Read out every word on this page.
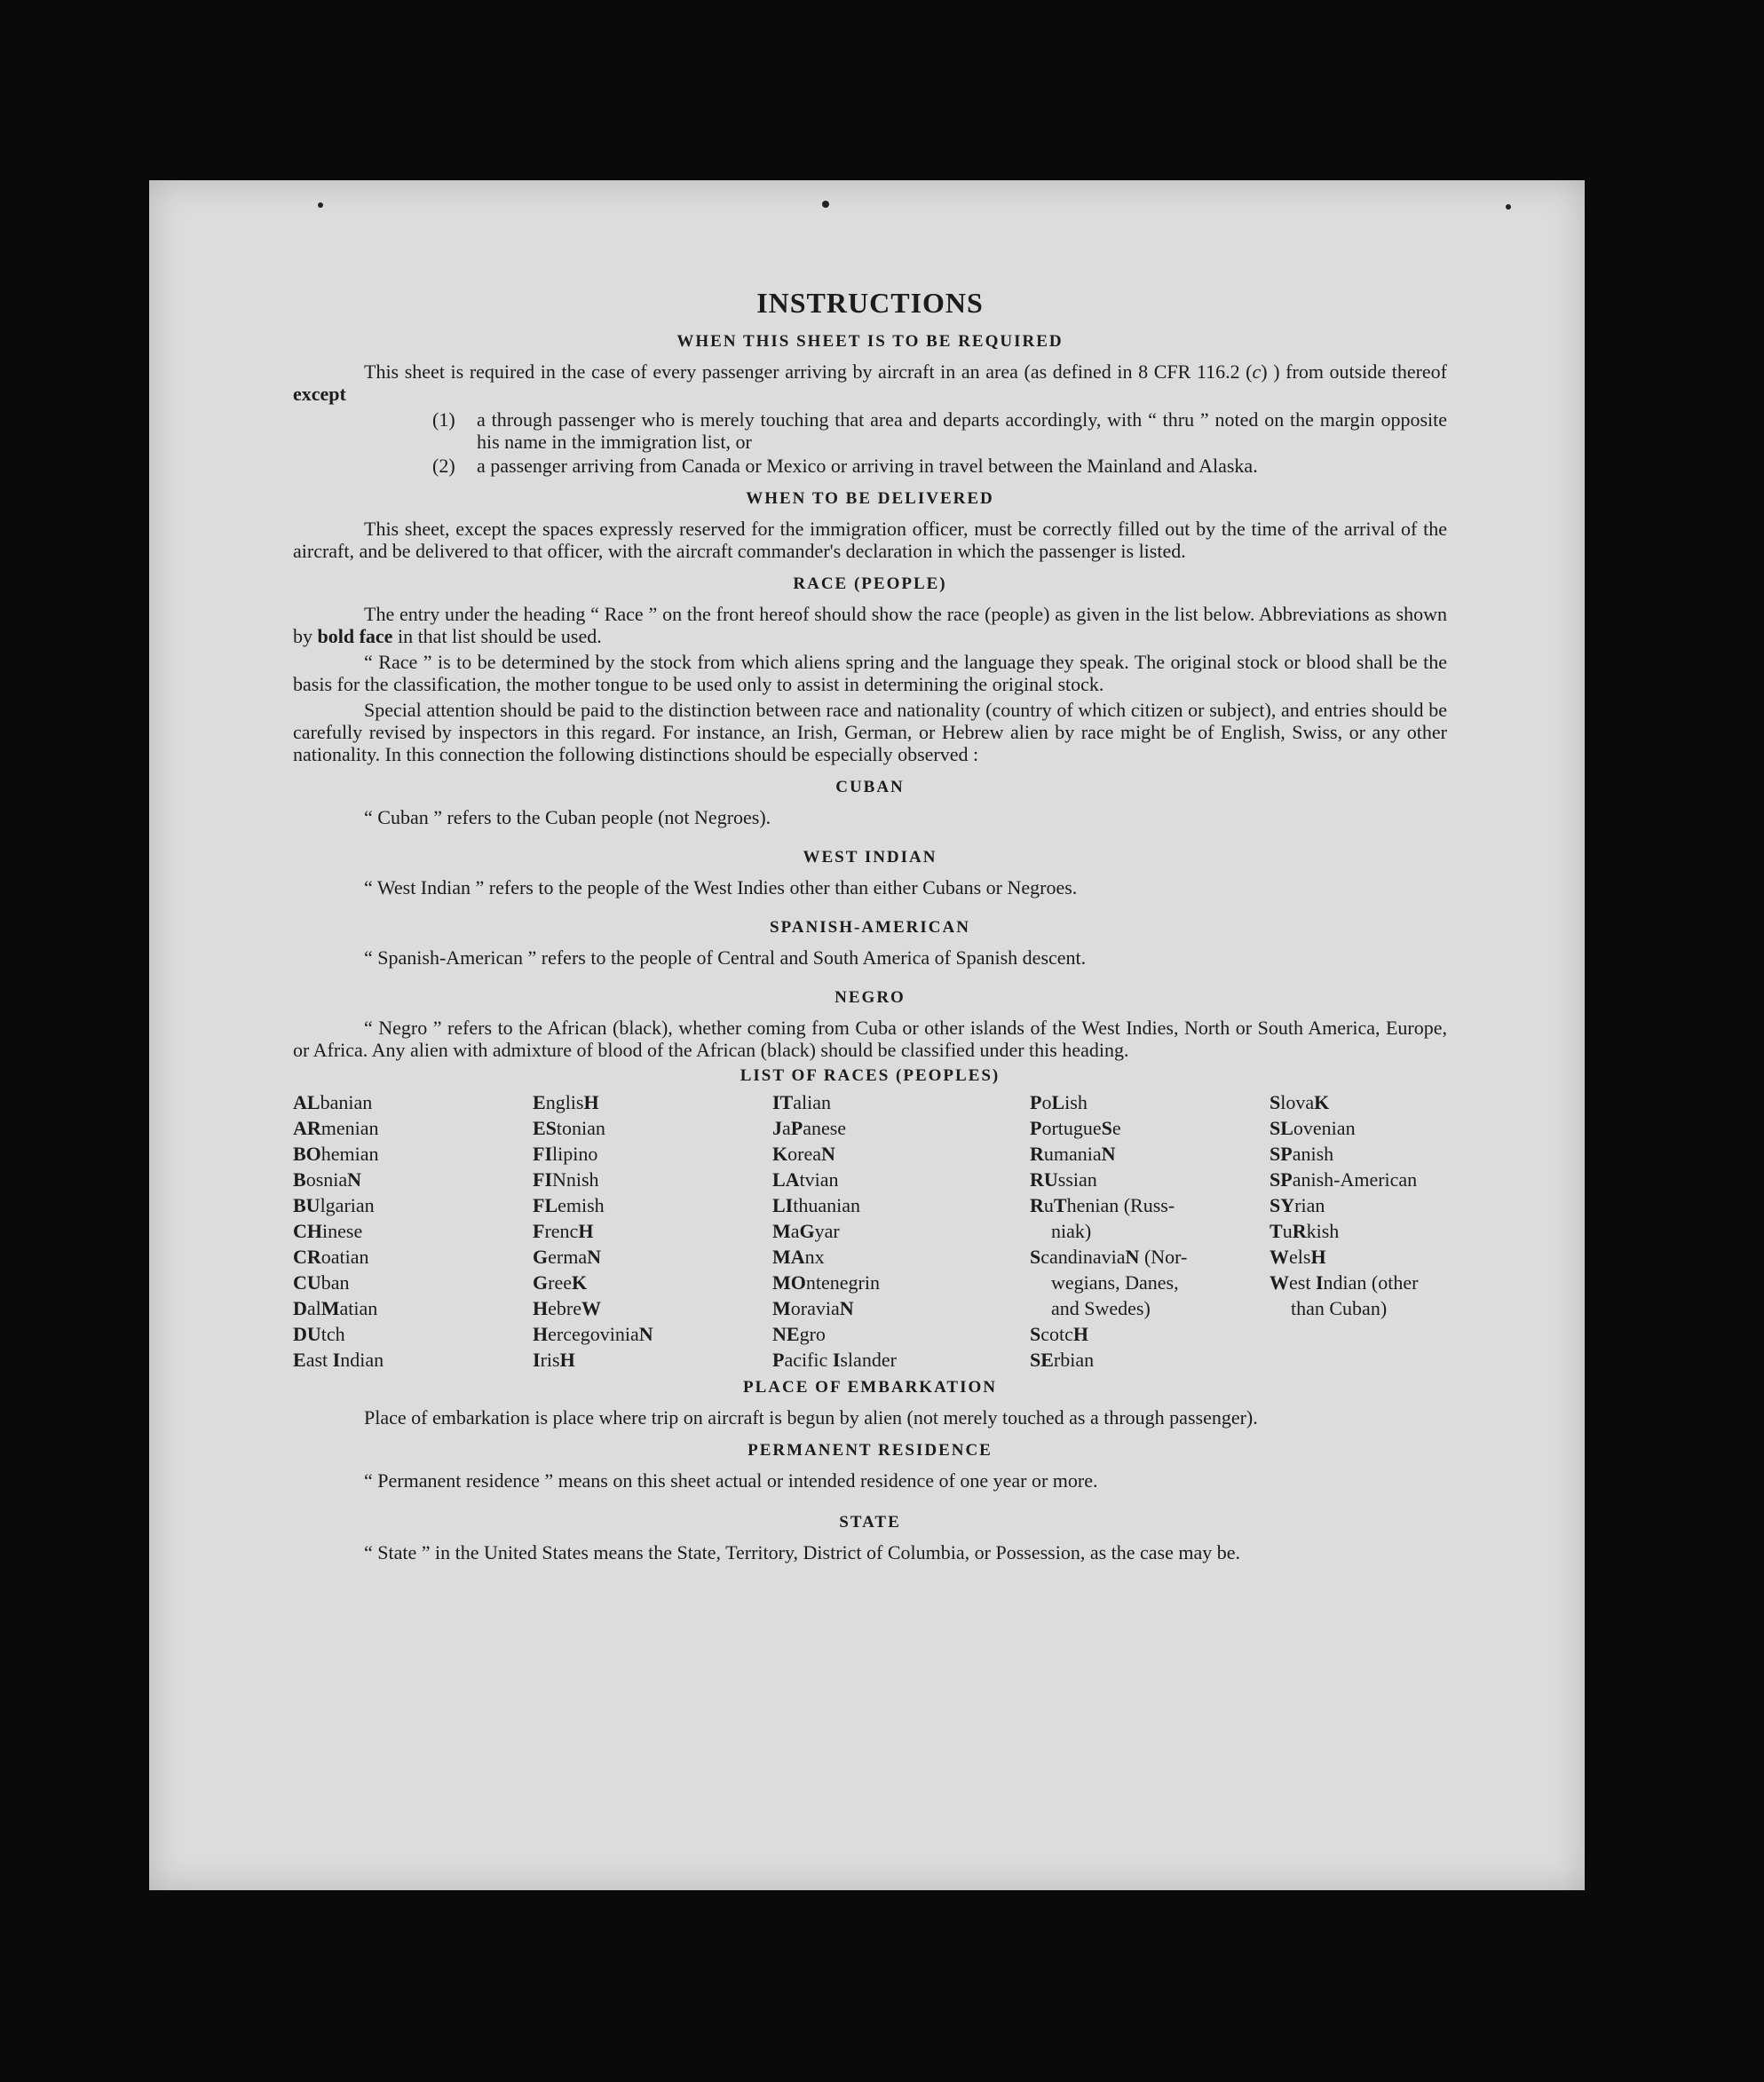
INSTRUCTIONS
WHEN THIS SHEET IS TO BE REQUIRED

This sheet is required in the case of every passenger arriving by aircraft in an area (as defined in 8 CFR 116.2 (c) ) from outside thereof except

(1)	a through passenger who is merely touching that area and departs accordingly, with “ thru ” noted on the margin opposite his name in the immigration list, or
(2)	a passenger arriving from Canada or Mexico or arriving in travel between the Mainland and Alaska.
WHEN TO BE DELIVERED

This sheet, except the spaces expressly reserved for the immigration officer, must be correctly filled out by the time of the arrival of the aircraft, and be delivered to that officer, with the aircraft commander's declaration in which the passenger is listed.

RACE (PEOPLE)

The entry under the heading “ Race ” on the front hereof should show the race (people) as given in the list below. Abbreviations as shown by bold face in that list should be used.

“ Race ” is to be determined by the stock from which aliens spring and the language they speak. The original stock or blood shall be the basis for the classification, the mother tongue to be used only to assist in determining the original stock.

Special attention should be paid to the distinction between race and nationality (country of which citizen or subject), and entries should be carefully revised by inspectors in this regard. For instance, an Irish, German, or Hebrew alien by race might be of English, Swiss, or any other nationality. In this connection the following distinctions should be especially observed :

CUBAN

“ Cuban ” refers to the Cuban people (not Negroes).

WEST INDIAN

“ West Indian ” refers to the people of the West Indies other than either Cubans or Negroes.

SPANISH-AMERICAN

“ Spanish-American ” refers to the people of Central and South America of Spanish descent.

NEGRO

“ Negro ” refers to the African (black), whether coming from Cuba or other islands of the West Indies, North or South America, Europe, or Africa. Any alien with admixture of blood of the African (black) should be classified under this heading.

LIST OF RACES (PEOPLES)
ALbanian
ARmenian
BOhemian
BosniaN
BUlgarian
CHinese
CRoatian
CUban
DalMatian
DUtch
East Indian
EnglisH
EStonian
FIlipino
FINnish
FLemish
FrencH
GermaN
GreeK
HebreW
HercegoviniaN
IrisH
ITalian
JaPanese
KoreaN
LAtvian
LIthuanian
MaGyar
MAnx
MOntenegrin
MoraviaN
NEgro
Pacific Islander
PoLish
PortugueSe
RumaniaN
RUssian
RuThenian (Russ-
niak)
ScandinaviaN (Nor-
wegians, Danes,
and Swedes)
ScotcH
SErbian
SlovaK
SLovenian
SPanish
SPanish-American
SYrian
TuRkish
WelsH
West Indian (other
than Cuban)
PLACE OF EMBARKATION

Place of embarkation is place where trip on aircraft is begun by alien (not merely touched as a through passenger).

PERMANENT RESIDENCE

“ Permanent residence ” means on this sheet actual or intended residence of one year or more.

STATE

“ State ” in the United States means the State, Territory, District of Columbia, or Possession, as the case may be.
